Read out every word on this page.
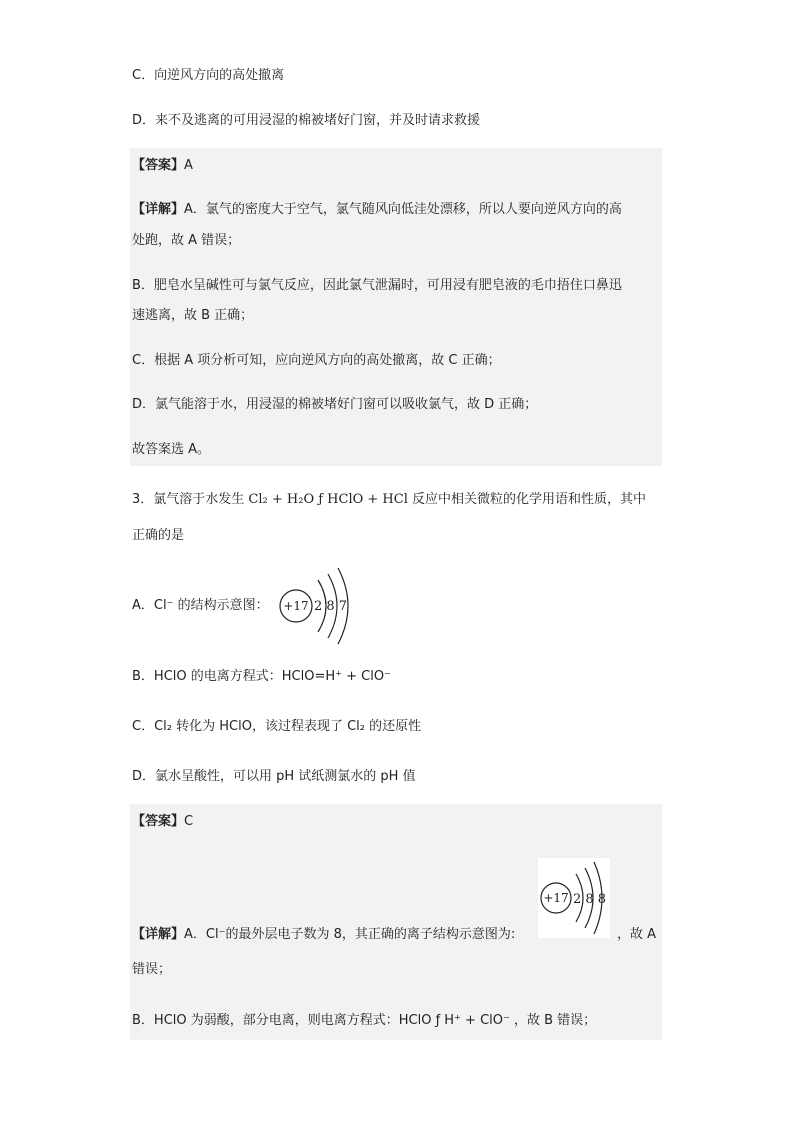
C．向逆风方向的高处撤离
D．来不及逃离的可用浸湿的棉被堵好门窗，并及时请求救援
【答案】A
【详解】A．氯气的密度大于空气，氯气随风向低洼处漂移，所以人要向逆风方向的高
处跑，故 A 错误；
B．肥皂水呈碱性可与氯气反应，因此氯气泄漏时，可用浸有肥皂液的毛巾捂住口鼻迅
速逃离，故 B 正确；
C．根据 A 项分析可知，应向逆风方向的高处撤离，故 C 正确；
D．氯气能溶于水，用浸湿的棉被堵好门窗可以吸收氯气，故 D 正确；
故答案选 A。
3．氯气溶于水发生 Cl₂ + H₂O ƒ HClO + HCl 反应中相关微粒的化学用语和性质，其中
正确的是
A．Cl⁻ 的结构示意图： +17 2 8 7
B．HClO 的电离方程式：HClO=H⁺ + ClO⁻
C．Cl₂ 转化为 HClO，该过程表现了 Cl₂ 的还原性
D．氯水呈酸性，可以用 pH 试纸测氯水的 pH 值
【答案】C
+17 2 8 8
【详解】A．Cl⁻的最外层电子数为 8，其正确的离子结构示意图为:	，故 A
错误；
B．HClO 为弱酸，部分电离，则电离方程式：HClO ƒ H⁺ + ClO⁻ ，故 B 错误；
